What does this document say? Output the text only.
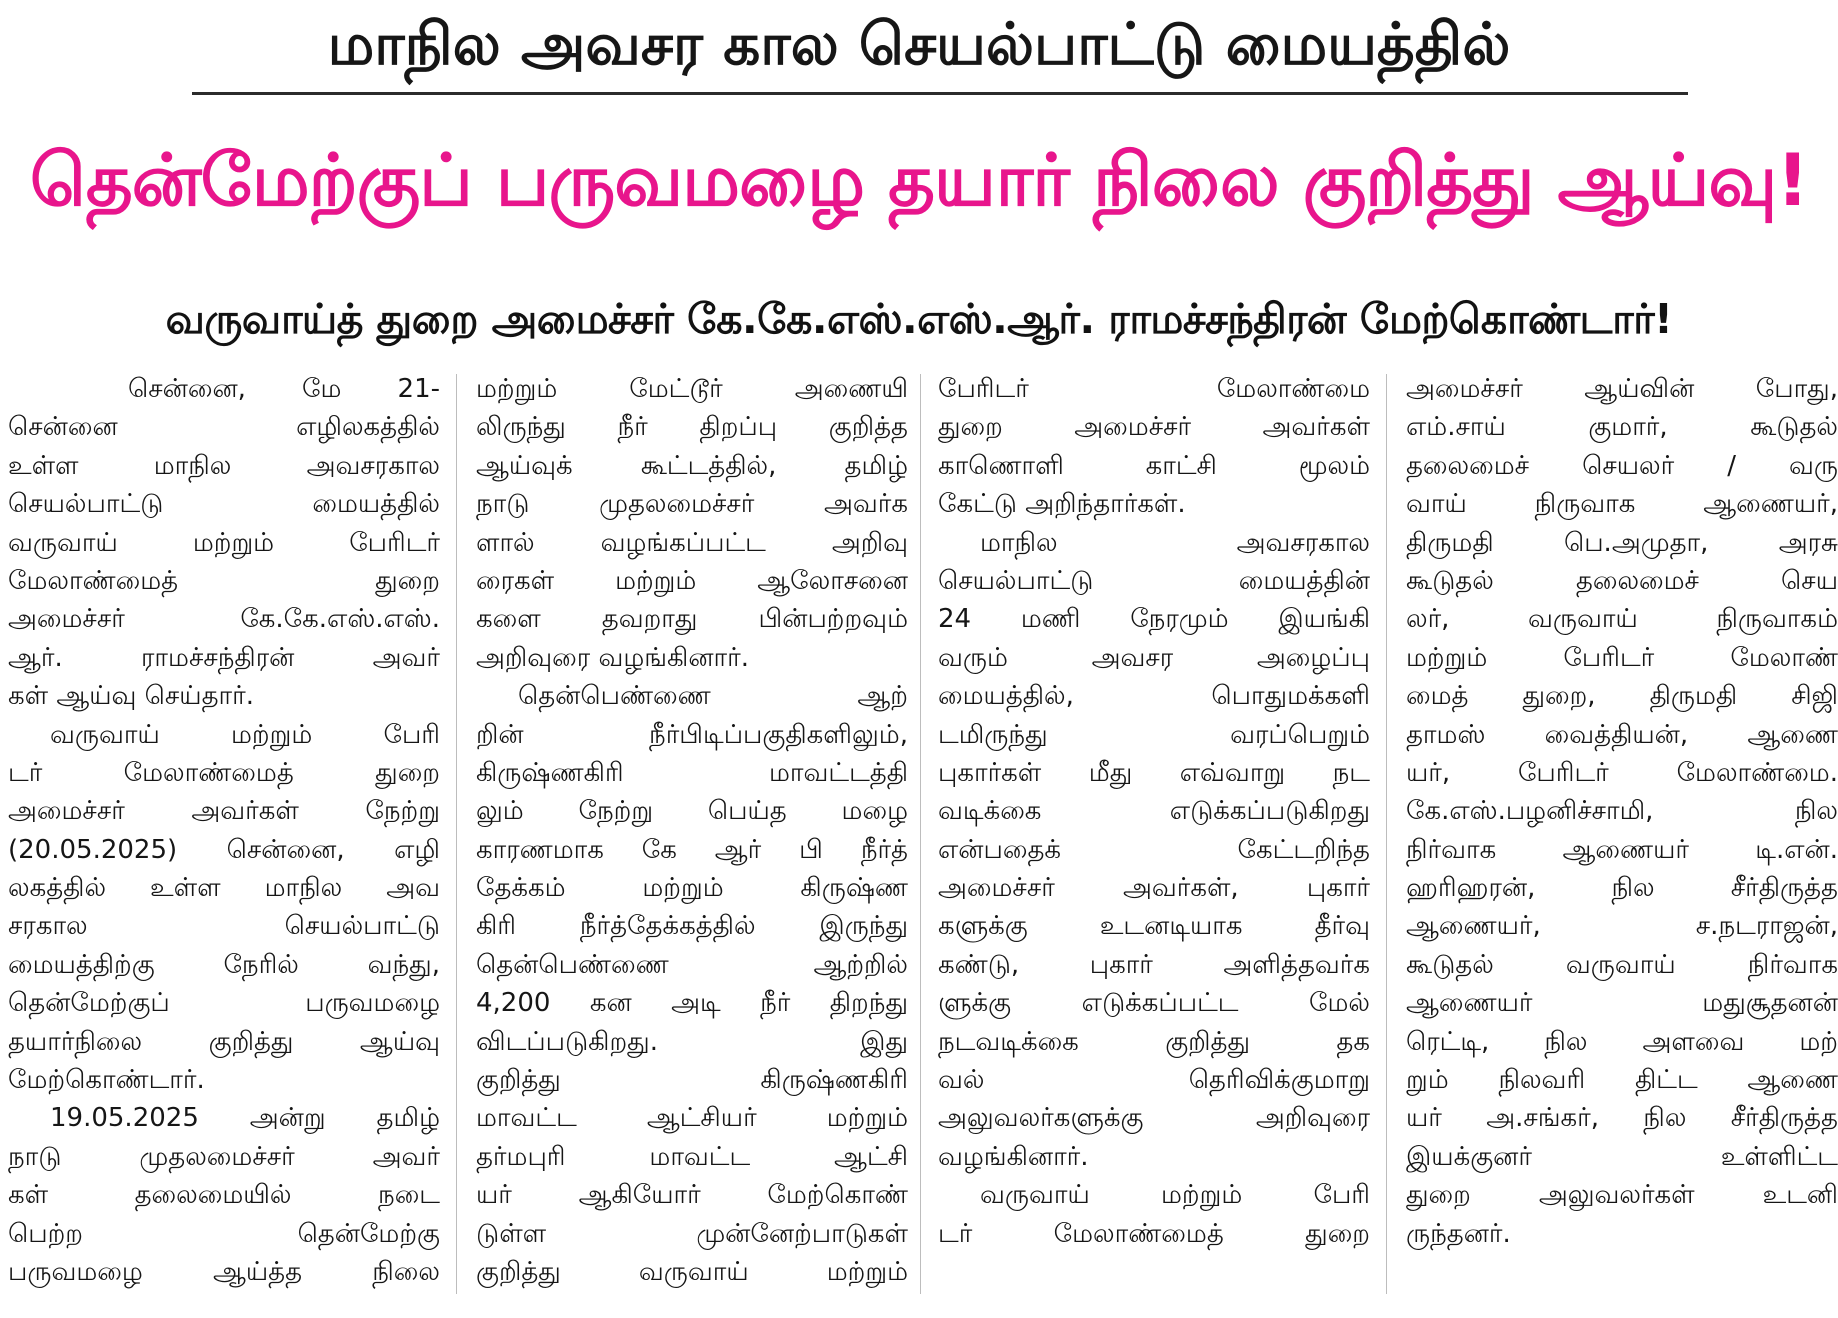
மாநில அவசர கால செயல்பாட்டு மையத்தில்
தென்மேற்குப் பருவமழை தயார் நிலை குறித்து ஆய்வு!
வருவாய்த் துறை அமைச்சர் கே.கே.எஸ்.எஸ்.ஆர். ராமச்சந்திரன் மேற்கொண்டார்!
சென்னை, மே 21-
சென்னை எழிலகத்தில்
உள்ள மாநில அவசரகால
செயல்பாட்டு மையத்தில்
வருவாய் மற்றும் பேரிடர்
மேலாண்மைத் துறை
அமைச்சர் கே.கே.எஸ்.எஸ்.
ஆர். ராமச்சந்திரன் அவர்
கள் ஆய்வு செய்தார்.
வருவாய் மற்றும் பேரி
டர் மேலாண்மைத் துறை
அமைச்சர் அவர்கள் நேற்று
(20.05.2025) சென்னை, எழி
லகத்தில் உள்ள மாநில அவ
சரகால செயல்பாட்டு
மையத்திற்கு நேரில் வந்து,
தென்மேற்குப் பருவமழை
தயார்நிலை குறித்து ஆய்வு
மேற்கொண்டார்.
19.05.2025 அன்று தமிழ்
நாடு முதலமைச்சர் அவர்
கள் தலைமையில் நடை
பெற்ற தென்மேற்கு
பருவமழை ஆய்த்த நிலை
மற்றும் மேட்டூர் அணையி
லிருந்து நீர் திறப்பு குறித்த
ஆய்வுக் கூட்டத்தில், தமிழ்
நாடு முதலமைச்சர் அவர்க
ளால் வழங்கப்பட்ட அறிவு
ரைகள் மற்றும் ஆலோசனை
களை தவறாது பின்பற்றவும்
அறிவுரை வழங்கினார்.
தென்பெண்ணை ஆற்
றின் நீர்பிடிப்பகுதிகளிலும்,
கிருஷ்ணகிரி மாவட்டத்தி
லும் நேற்று பெய்த மழை
காரணமாக கே ஆர் பி நீர்த்
தேக்கம் மற்றும் கிருஷ்ண
கிரி நீர்த்தேக்கத்தில் இருந்து
தென்பெண்ணை ஆற்றில்
4,200 கன அடி நீர் திறந்து
விடப்படுகிறது. இது
குறித்து கிருஷ்ணகிரி
மாவட்ட ஆட்சியர் மற்றும்
தர்மபுரி மாவட்ட ஆட்சி
யர் ஆகியோர் மேற்கொண்
டுள்ள முன்னேற்பாடுகள்
குறித்து வருவாய் மற்றும்
பேரிடர் மேலாண்மை
துறை அமைச்சர் அவர்கள்
காணொளி காட்சி மூலம்
கேட்டு அறிந்தார்கள்.
மாநில அவசரகால
செயல்பாட்டு மையத்தின்
24 மணி நேரமும் இயங்கி
வரும் அவசர அழைப்பு
மையத்தில், பொதுமக்களி
டமிருந்து வரப்பெறும்
புகார்கள் மீது எவ்வாறு நட
வடிக்கை எடுக்கப்படுகிறது
என்பதைக் கேட்டறிந்த
அமைச்சர் அவர்கள், புகார்
களுக்கு உடனடியாக தீர்வு
கண்டு, புகார் அளித்தவர்க
ளுக்கு எடுக்கப்பட்ட மேல்
நடவடிக்கை குறித்து தக
வல் தெரிவிக்குமாறு
அலுவலர்களுக்கு அறிவுரை
வழங்கினார்.
வருவாய் மற்றும் பேரி
டர் மேலாண்மைத் துறை
அமைச்சர் ஆய்வின் போது,
எம்.சாய் குமார், கூடுதல்
தலைமைச் செயலர் / வரு
வாய் நிருவாக ஆணையர்,
திருமதி பெ.அமுதா, அரசு
கூடுதல் தலைமைச் செய
லர், வருவாய் நிருவாகம்
மற்றும் பேரிடர் மேலாண்
மைத் துறை, திருமதி சிஜி
தாமஸ் வைத்தியன், ஆணை
யர், பேரிடர் மேலாண்மை.
கே.எஸ்.பழனிச்சாமி, நில
நிர்வாக ஆணையர் டி.என்.
ஹரிஹரன், நில சீர்திருத்த
ஆணையர், ச.நடராஜன்,
கூடுதல் வருவாய் நிர்வாக
ஆணையர் மதுசூதனன்
ரெட்டி, நில அளவை மற்
றும் நிலவரி திட்ட ஆணை
யர் அ.சங்கர், நில சீர்திருத்த
இயக்குனர் உள்ளிட்ட
துறை அலுவலர்கள் உடனி
ருந்தனர்.
